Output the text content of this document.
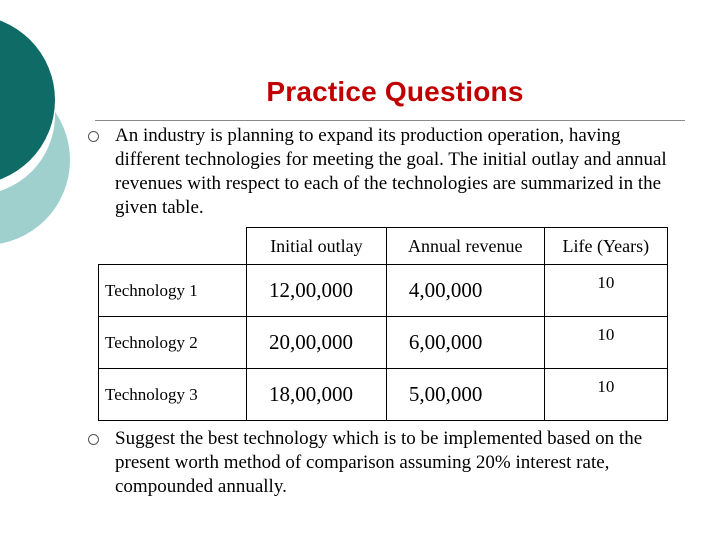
Practice Questions
An industry is planning to expand its production operation, having different technologies for meeting the goal. The initial outlay and annual revenues with respect to each of the technologies are summarized in the given table.
	Initial outlay	Annual revenue	Life (Years)
Technology 1	12,00,000	4,00,000	10
Technology 2	20,00,000	6,00,000	10
Technology 3	18,00,000	5,00,000	10
Suggest the best technology which is to be implemented based on the present worth method of comparison assuming 20% interest rate, compounded annually.
